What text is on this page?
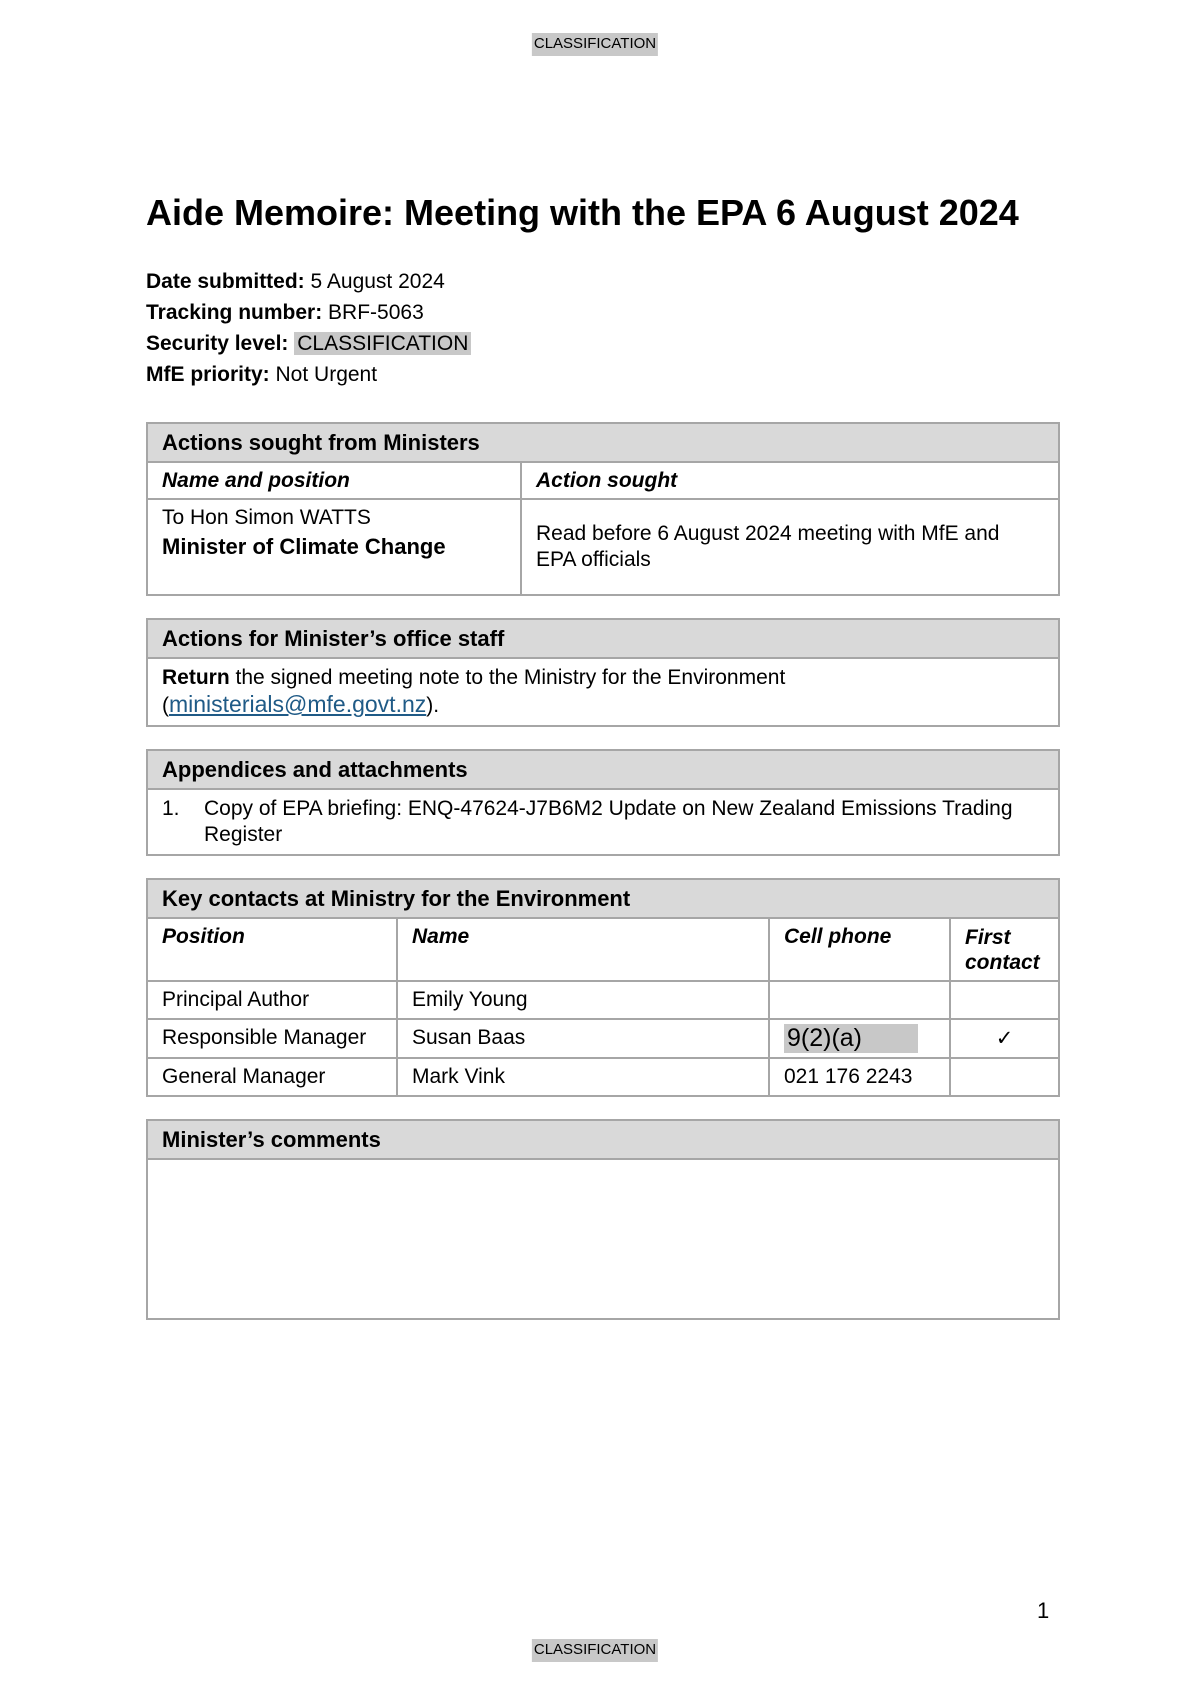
CLASSIFICATION
Aide Memoire: Meeting with the EPA 6 August 2024
Date submitted: 5 August 2024
Tracking number: BRF-5063
Security level: CLASSIFICATION
MfE priority: Not Urgent
Actions sought from Ministers	
Name and position	Action sought

To Hon Simon WATTS
Minister of Climate Change	Read before 6 August 2024 meeting with MfE and EPA officials
Actions for Minister’s office staff
Return the signed meeting note to the Ministry for the Environment
(ministerials@mfe.govt.nz).
Appendices and attachments

1.	Copy of EPA briefing: ENQ-47624-J7B6M2 Update on New Zealand Emissions Trading Register
Key contacts at Ministry for the Environment			
Position	Name	Cell phone	First contact
Principal Author	Emily Young		
Responsible Manager	Susan Baas	9(2)(a)	✓
General Manager	Mark Vink	021 176 2243	
Minister’s comments

1
CLASSIFICATION
